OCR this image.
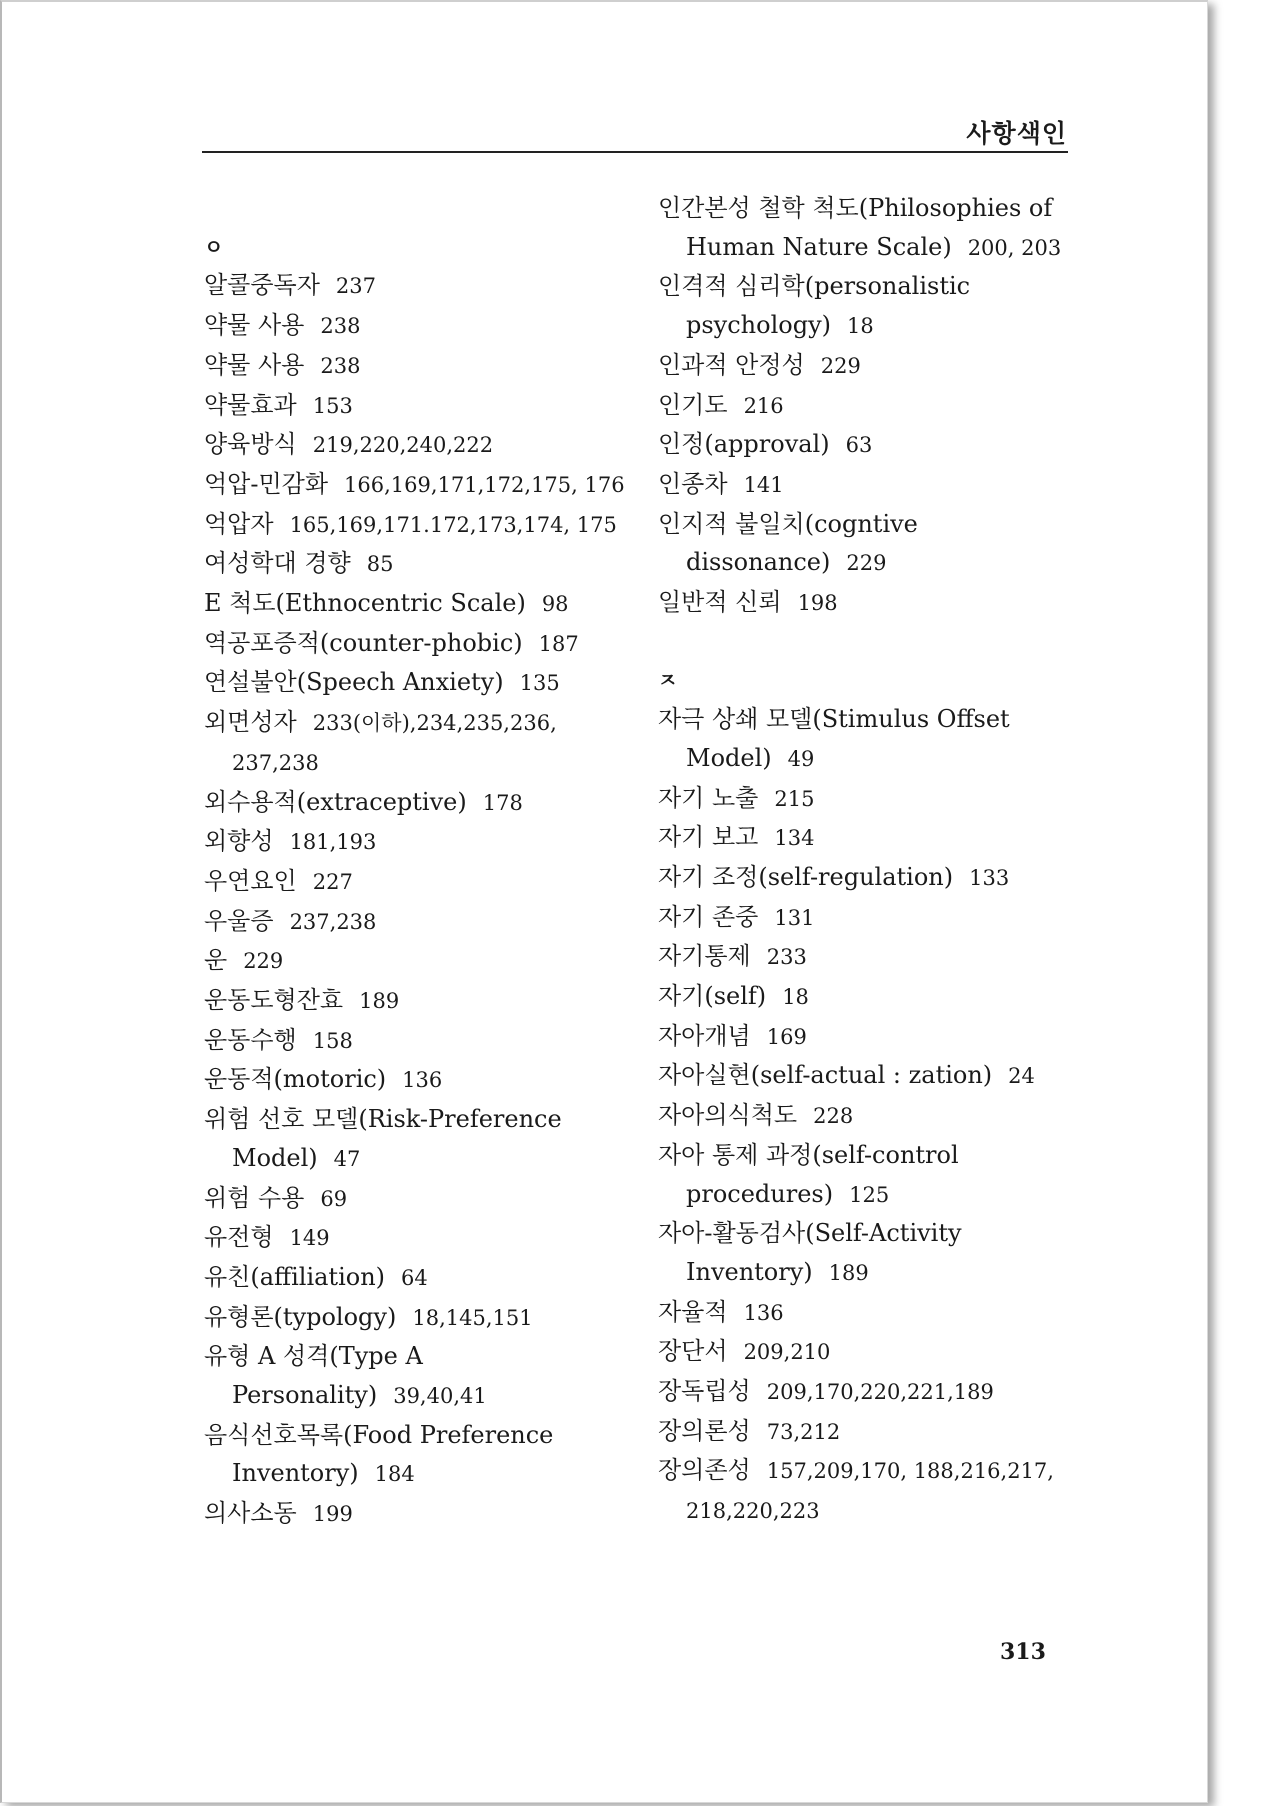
사항색인

ㅇ

알콜중독자 237

약물 사용 238

약물 사용 238

약물효과 153

양육방식 219,220,240,222

억압-민감화 166,169,171,172,175, 176

억압자 165,169,171.172,173,174, 175

여성학대 경향 85

E 척도(Ethnocentric Scale) 98

역공포증적(counter-phobic) 187

연설불안(Speech Anxiety) 135

외면성자 233(이하),234,235,236, 237,238

외수용적(extraceptive) 178

외향성 181,193

우연요인 227

우울증 237,238

운 229

운동도형잔효 189

운동수행 158

운동적(motoric) 136

위험 선호 모델(Risk-Preference Model) 47

위험 수용 69

유전형 149

유친(affiliation) 64

유형론(typology) 18,145,151

유형 A 성격(Type A Personality) 39,40,41

음식선호목록(Food Preference Inventory) 184

의사소동 199

인간본성 철학 척도(Philosophies of Human Nature Scale) 200, 203

인격적 심리학(personalistic psychology) 18

인과적 안정성 229

인기도 216

인정(approval) 63

인종차 141

인지적 불일치(cogntive dissonance) 229

일반적 신뢰 198

ㅈ

자극 상쇄 모델(Stimulus Offset Model) 49

자기 노출 215

자기 보고 134

자기 조정(self-regulation) 133

자기 존중 131

자기통제 233

자기(self) 18

자아개념 169

자아실현(self-actual : zation) 24

자아의식척도 228

자아 통제 과정(self-control procedures) 125

자아-활동검사(Self-Activity Inventory) 189

자율적 136

장단서 209,210

장독립성 209,170,220,221,189

장의론성 73,212

장의존성 157,209,170, 188,216,217, 218,220,223

313
